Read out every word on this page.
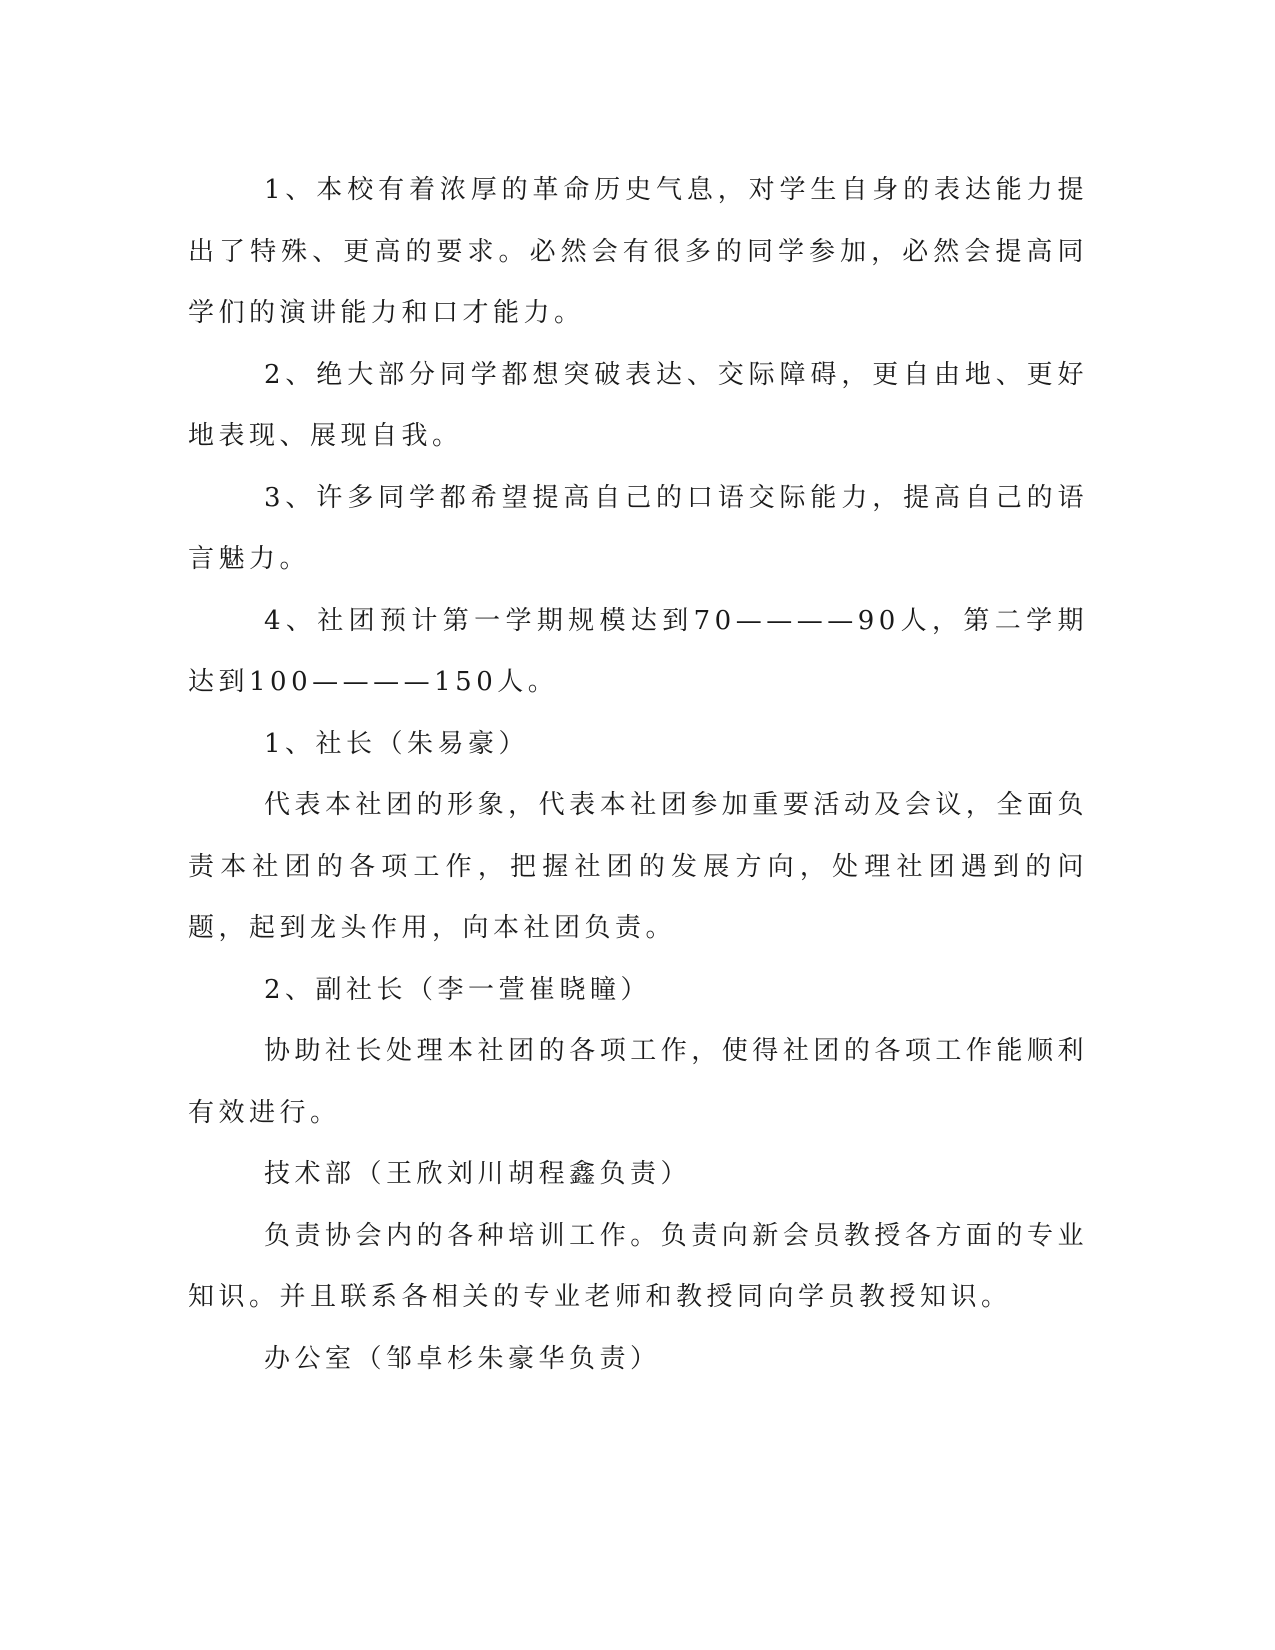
1、本校有着浓厚的革命历史气息，对学生自身的表达能力提出了特殊、更高的要求。必然会有很多的同学参加，必然会提高同学们的演讲能力和口才能力。

2、绝大部分同学都想突破表达、交际障碍，更自由地、更好地表现、展现自我。

3、许多同学都希望提高自己的口语交际能力，提高自己的语言魅力。

4、社团预计第一学期规模达到70————90人，第二学期达到100————150人。

1、社长（朱易豪）

代表本社团的形象，代表本社团参加重要活动及会议，全面负责本社团的各项工作，把握社团的发展方向，处理社团遇到的问题，起到龙头作用，向本社团负责。

2、副社长（李一萱崔晓瞳）

协助社长处理本社团的各项工作，使得社团的各项工作能顺利有效进行。

技术部（王欣刘川胡程鑫负责）

负责协会内的各种培训工作。负责向新会员教授各方面的专业知识。并且联系各相关的专业老师和教授同向学员教授知识。

办公室（邹卓杉朱豪华负责）
